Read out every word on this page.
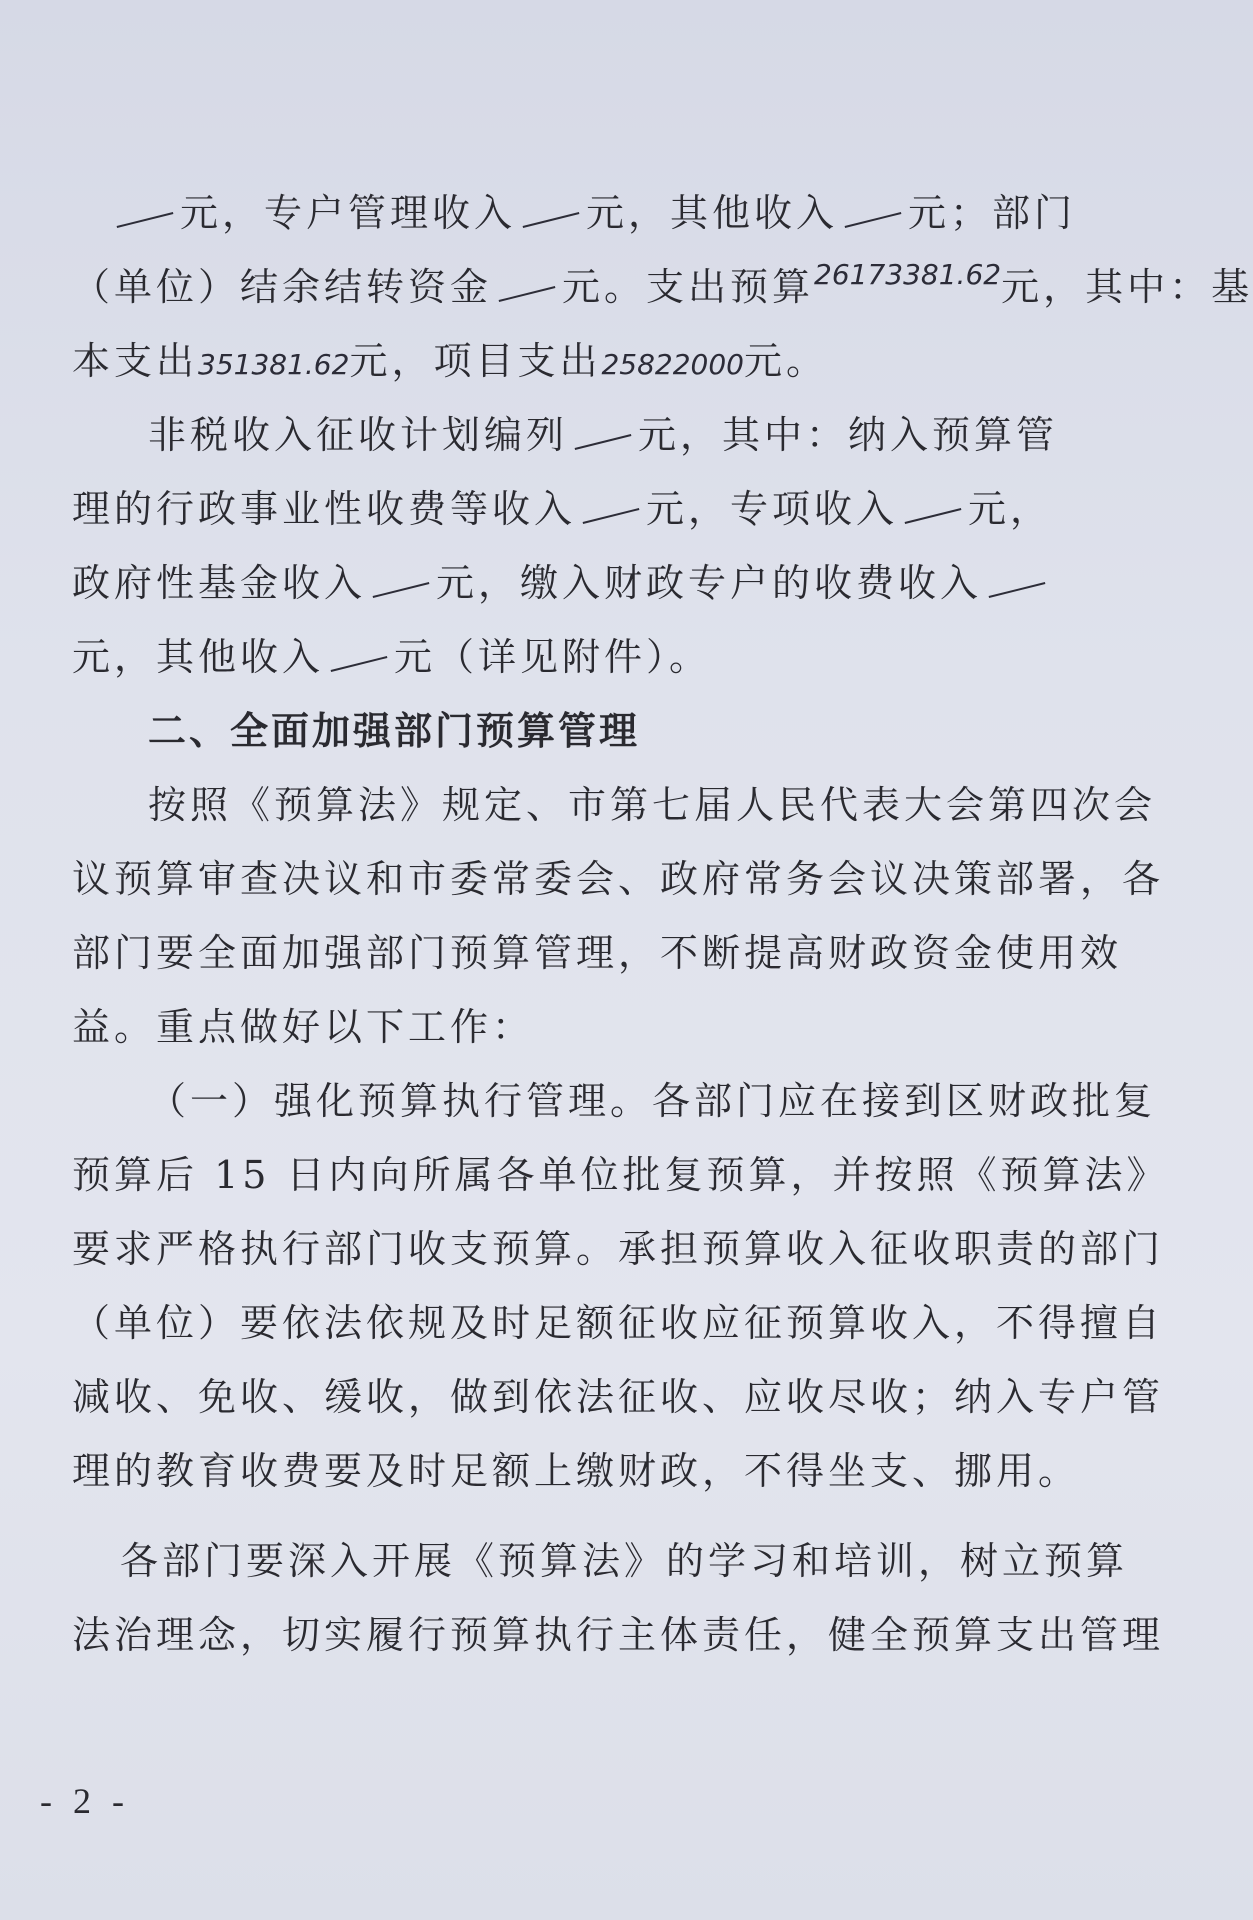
元，专户管理收入 元，其他收入 元；部门
（单位）结余结转资金 元。支出预算26173381.62元，其中：基
本支出351381.62元，项目支出25822000元。
非税收入征收计划编列 元，其中：纳入预算管
理的行政事业性收费等收入 元，专项收入 元，
政府性基金收入 元，缴入财政专户的收费收入
元，其他收入 元（详见附件）。
二、全面加强部门预算管理
按照《预算法》规定、市第七届人民代表大会第四次会
议预算审查决议和市委常委会、政府常务会议决策部署，各
部门要全面加强部门预算管理，不断提高财政资金使用效
益。重点做好以下工作：
（一）强化预算执行管理。各部门应在接到区财政批复
预算后 15 日内向所属各单位批复预算，并按照《预算法》
要求严格执行部门收支预算。承担预算收入征收职责的部门
（单位）要依法依规及时足额征收应征预算收入，不得擅自
减收、免收、缓收，做到依法征收、应收尽收；纳入专户管
理的教育收费要及时足额上缴财政，不得坐支、挪用。
各部门要深入开展《预算法》的学习和培训，树立预算
法治理念，切实履行预算执行主体责任，健全预算支出管理
- 2 -
